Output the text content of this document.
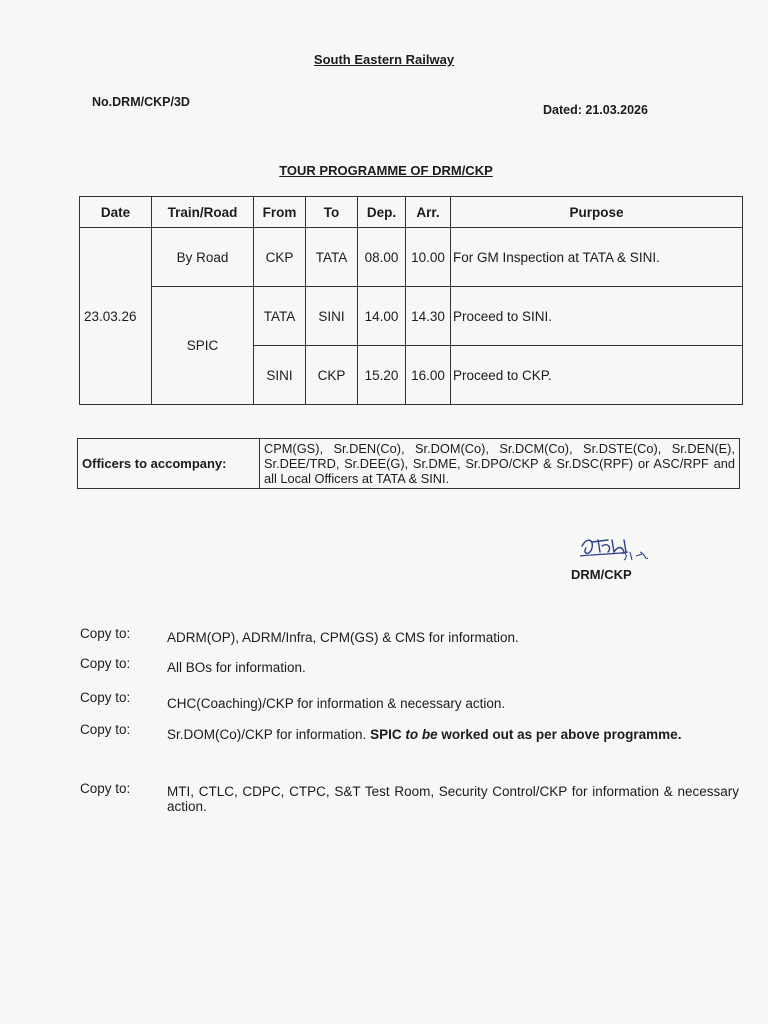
South Eastern Railway
No.DRM/CKP/3D
Dated: 21.03.2026
TOUR PROGRAMME OF DRM/CKP
Date	Train/Road	From	To	Dep.	Arr.	Purpose
23.03.26	By Road	CKP	TATA	08.00	10.00	For GM Inspection at TATA & SINI.
	SPIC	TATA	SINI	14.00	14.30	Proceed to SINI.
		SINI	CKP	15.20	16.00	Proceed to CKP.
Officers to accompany:	CPM(GS), Sr.DEN(Co), Sr.DOM(Co), Sr.DCM(Co), Sr.DSTE(Co), Sr.DEN(E), Sr.DEE/TRD, Sr.DEE(G), Sr.DME, Sr.DPO/CKP & Sr.DSC(RPF) or ASC/RPF and all Local Officers at TATA & SINI.
DRM/CKP
Copy to:	ADRM(OP), ADRM/Infra, CPM(GS) & CMS for information.
Copy to:	All BOs for information.
Copy to:	CHC(Coaching)/CKP for information & necessary action.
Copy to:	Sr.DOM(Co)/CKP for information. SPIC to be worked out as per above programme.
Copy to:	MTI, CTLC, CDPC, CTPC, S&T Test Room, Security Control/CKP for information & necessary action.
